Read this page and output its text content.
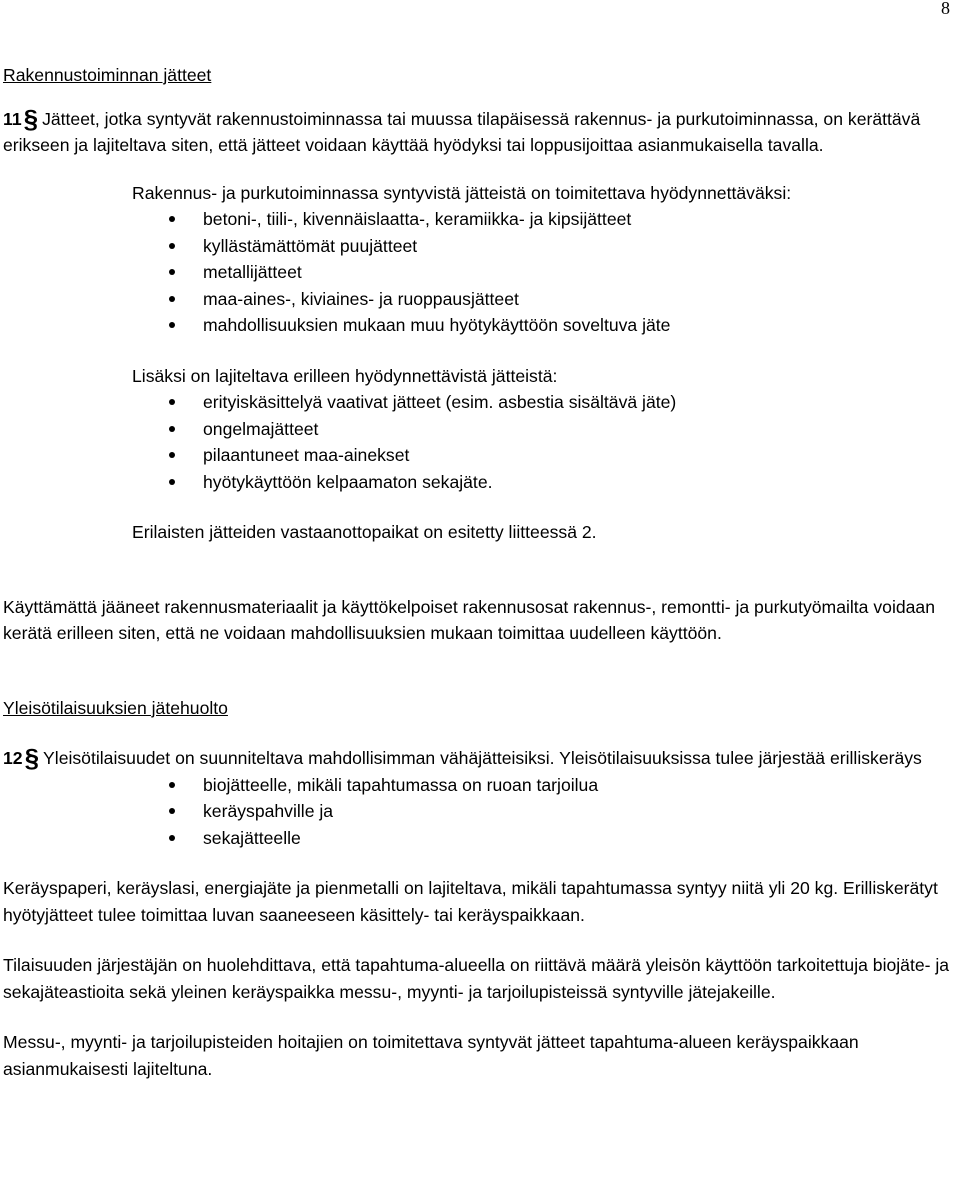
8
Rakennustoiminnan jätteet

11§ Jätteet, jotka syntyvät rakennustoiminnassa tai muussa tilapäisessä rakennus- ja purkutoiminnassa, on kerättävä erikseen ja lajiteltava siten, että jätteet voidaan käyttää hyödyksi tai loppusijoittaa asianmukaisella tavalla.

Rakennus- ja purkutoiminnassa syntyvistä jätteistä on toimitettava hyödynnettäväksi:

betoni-, tiili-, kivennäislaatta-, keramiikka- ja kipsijätteet
kyllästämättömät puujätteet
metallijätteet
maa-aines-, kiviaines- ja ruoppausjätteet
mahdollisuuksien mukaan muu hyötykäyttöön soveltuva jäte

Lisäksi on lajiteltava erilleen hyödynnettävistä jätteistä:

erityiskäsittelyä vaativat jätteet (esim. asbestia sisältävä jäte)
ongelmajätteet
pilaantuneet maa-ainekset
hyötykäyttöön kelpaamaton sekajäte.

Erilaisten jätteiden vastaanottopaikat on esitetty liitteessä 2.

Käyttämättä jääneet rakennusmateriaalit ja käyttökelpoiset rakennusosat rakennus-, remontti- ja purkutyömailta voidaan kerätä erilleen siten, että ne voidaan mahdollisuuksien mukaan toimittaa uudelleen käyttöön.

Yleisötilaisuuksien jätehuolto

12§ Yleisötilaisuudet on suunniteltava mahdollisimman vähäjätteisiksi. Yleisötilaisuuksissa tulee järjestää erilliskeräys

biojätteelle, mikäli tapahtumassa on ruoan tarjoilua
keräyspahville ja
sekajätteelle

Keräyspaperi, keräyslasi, energiajäte ja pienmetalli on lajiteltava, mikäli tapahtumassa syntyy niitä yli 20 kg. Erilliskerätyt hyötyjätteet tulee toimittaa luvan saaneeseen käsittely- tai keräyspaikkaan.

Tilaisuuden järjestäjän on huolehdittava, että tapahtuma-alueella on riittävä määrä yleisön käyttöön tarkoitettuja biojäte- ja sekajäteastioita sekä yleinen keräyspaikka messu-, myynti- ja tarjoilupisteissä syntyville jätejakeille.

Messu-, myynti- ja tarjoilupisteiden hoitajien on toimitettava syntyvät jätteet tapahtuma-alueen keräyspaikkaan asianmukaisesti lajiteltuna.
